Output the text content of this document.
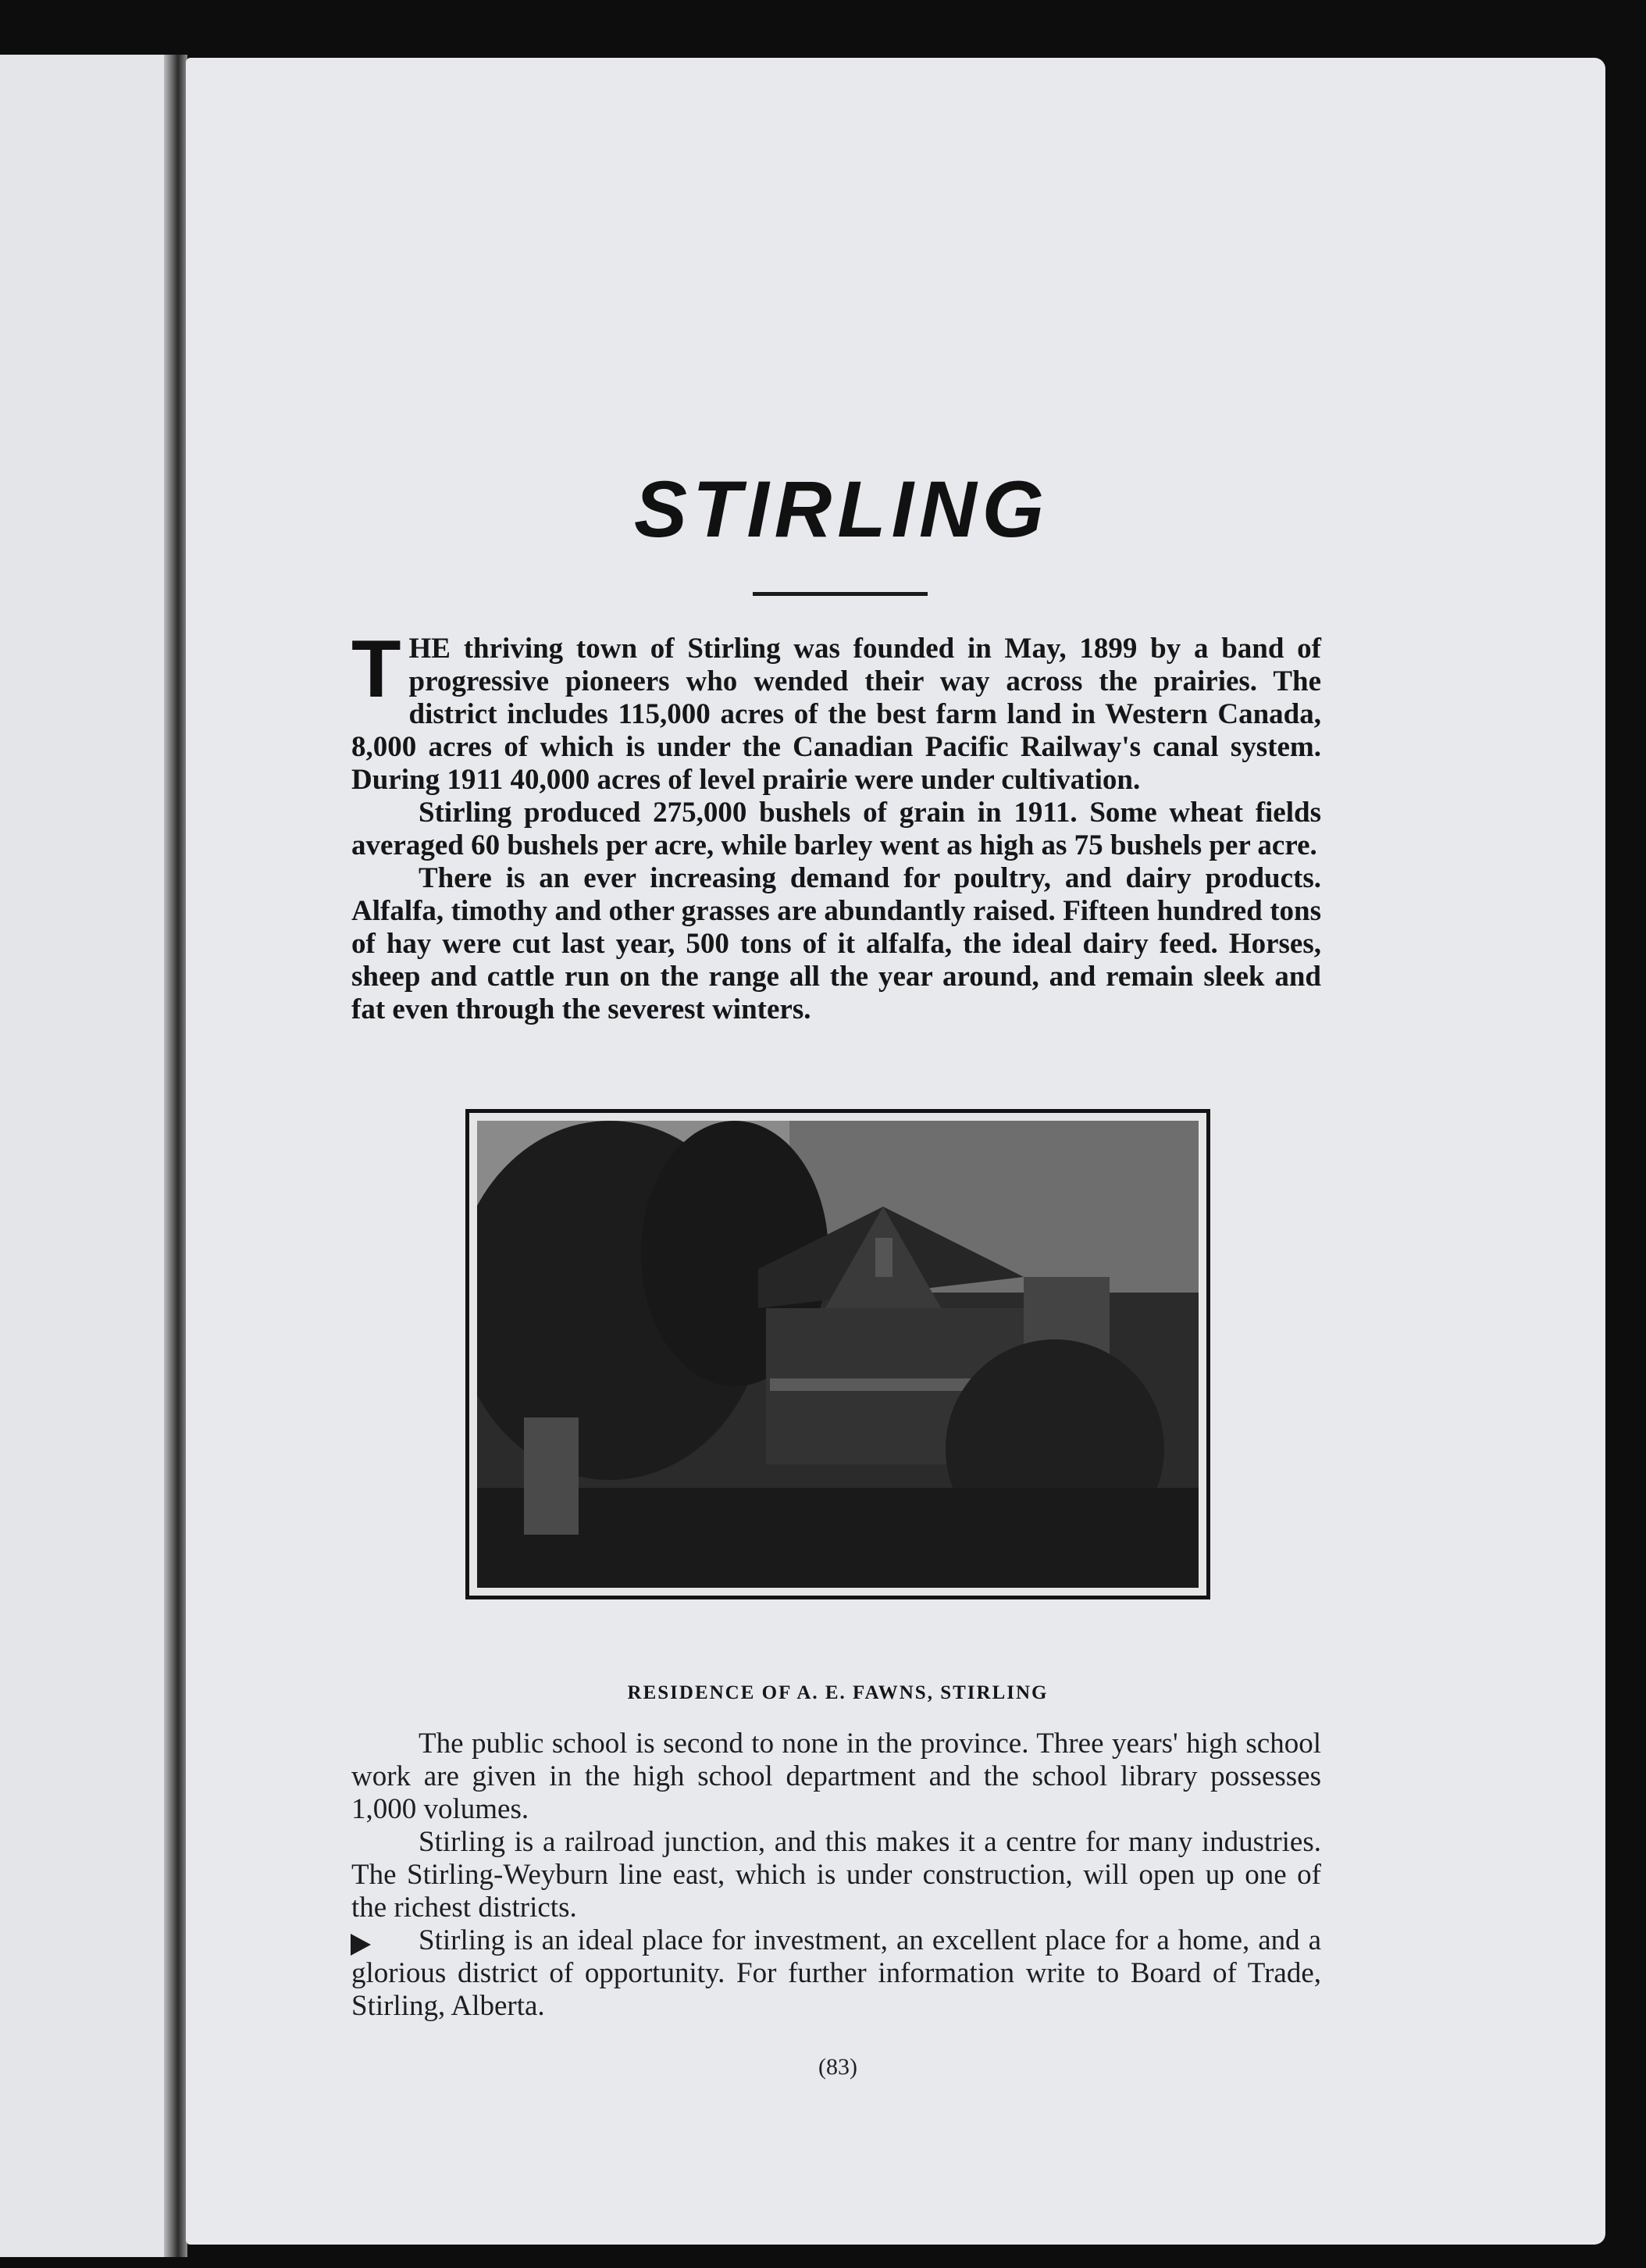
STIRLING

THE thriving town of Stirling was founded in May, 1899 by a band of progressive pioneers who wended their way across the prairies. The district includes 115,000 acres of the best farm land in Western Canada, 8,000 acres of which is under the Canadian Pacific Railway's canal system. During 1911 40,000 acres of level prairie were under cultivation.

Stirling produced 275,000 bushels of grain in 1911. Some wheat fields averaged 60 bushels per acre, while barley went as high as 75 bushels per acre.

There is an ever increasing demand for poultry, and dairy products. Alfalfa, timothy and other grasses are abundantly raised. Fifteen hundred tons of hay were cut last year, 500 tons of it alfalfa, the ideal dairy feed. Horses, sheep and cattle run on the range all the year around, and remain sleek and fat even through the severest winters.

RESIDENCE OF A. E. FAWNS, STIRLING

The public school is second to none in the province. Three years' high school work are given in the high school department and the school library possesses 1,000 volumes.

Stirling is a railroad junction, and this makes it a centre for many industries. The Stirling-Weyburn line east, which is under construction, will open up one of the richest districts.

Stirling is an ideal place for investment, an excellent place for a home, and a glorious district of opportunity. For further information write to Board of Trade, Stirling, Alberta.

(83)
